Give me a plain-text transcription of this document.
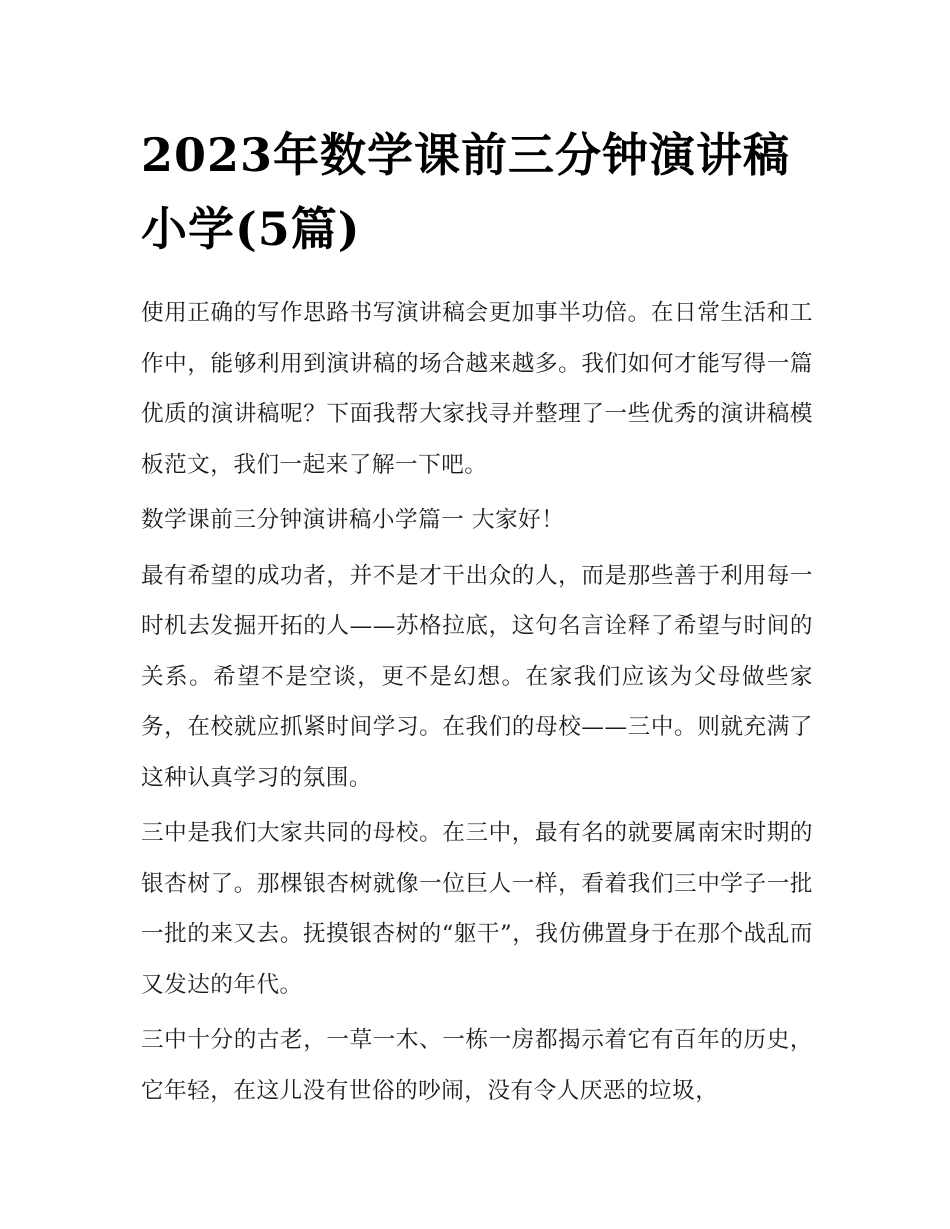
2023年数学课前三分钟演讲稿小学(5篇)

使用正确的写作思路书写演讲稿会更加事半功倍。在日常生活和工作中，能够利用到演讲稿的场合越来越多。我们如何才能写得一篇优质的演讲稿呢？下面我帮大家找寻并整理了一些优秀的演讲稿模板范文，我们一起来了解一下吧。

数学课前三分钟演讲稿小学篇一 大家好！

最有希望的成功者，并不是才干出众的人，而是那些善于利用每一时机去发掘开拓的人——苏格拉底，这句名言诠释了希望与时间的关系。希望不是空谈，更不是幻想。在家我们应该为父母做些家务，在校就应抓紧时间学习。在我们的母校——三中。则就充满了这种认真学习的氛围。

三中是我们大家共同的母校。在三中，最有名的就要属南宋时期的银杏树了。那棵银杏树就像一位巨人一样，看着我们三中学子一批一批的来又去。抚摸银杏树的“躯干”，我仿佛置身于在那个战乱而又发达的年代。

三中十分的古老，一草一木、一栋一房都揭示着它有百年的历史，它年轻，在这儿没有世俗的吵闹，没有令人厌恶的垃圾，
